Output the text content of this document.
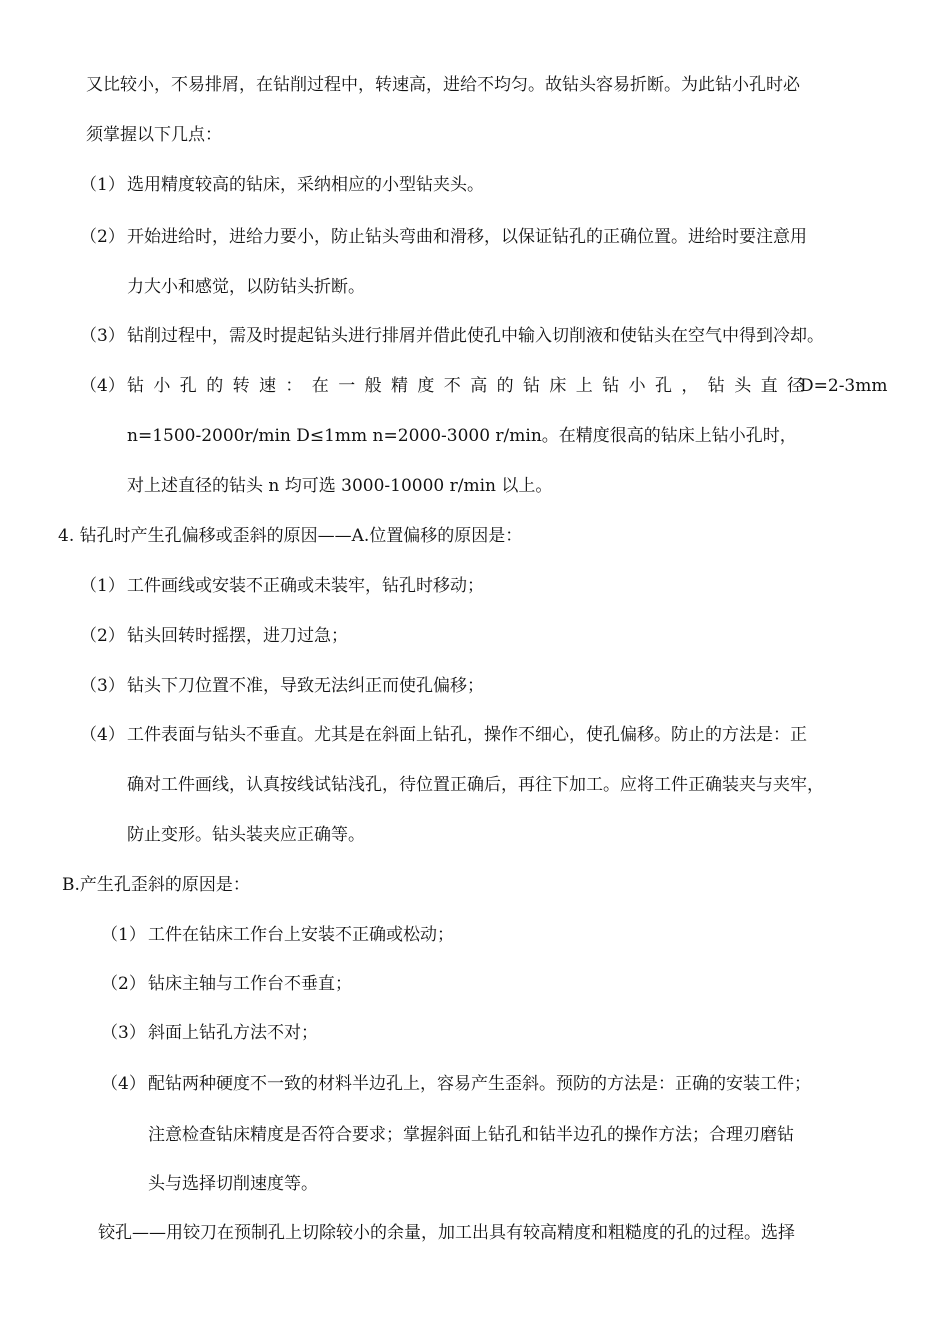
又比较小，不易排屑，在钻削过程中，转速高，进给不均匀。故钻头容易折断。为此钻小孔时必
须掌握以下几点：
（1） 选用精度较高的钻床，采纳相应的小型钻夹头。
（2） 开始进给时，进给力要小，防止钻头弯曲和滑移，以保证钻孔的正确位置。进给时要注意用
力大小和感觉，以防钻头折断。
（3） 钻削过程中，需及时提起钻头进行排屑并借此使孔中输入切削液和使钻头在空气中得到冷却。
（4） 钻小孔的转速：在一般精度不高的钻床上钻小孔，钻头直径
D=2-3mm
n=1500-2000r/min D≤1mm n=2000-3000 r/min。在精度很高的钻床上钻小孔时，
对上述直径的钻头 n 均可选 3000-10000 r/min 以上。
4. 钻孔时产生孔偏移或歪斜的原因——A.位置偏移的原因是：
（1） 工件画线或安装不正确或未装牢，钻孔时移动；
（2） 钻头回转时摇摆，进刀过急；
（3） 钻头下刀位置不准，导致无法纠正而使孔偏移；
（4） 工件表面与钻头不垂直。尤其是在斜面上钻孔，操作不细心，使孔偏移。防止的方法是：正
确对工件画线，认真按线试钻浅孔，待位置正确后，再往下加工。应将工件正确装夹与夹牢，
防止变形。钻头装夹应正确等。
B.产生孔歪斜的原因是：
（1） 工件在钻床工作台上安装不正确或松动；
（2） 钻床主轴与工作台不垂直；
（3） 斜面上钻孔方法不对；
（4） 配钻两种硬度不一致的材料半边孔上，容易产生歪斜。预防的方法是：正确的安装工件；
注意检查钻床精度是否符合要求；掌握斜面上钻孔和钻半边孔的操作方法；合理刃磨钻
头与选择切削速度等。
铰孔——用铰刀在预制孔上切除较小的余量，加工出具有较高精度和粗糙度的孔的过程。选择
